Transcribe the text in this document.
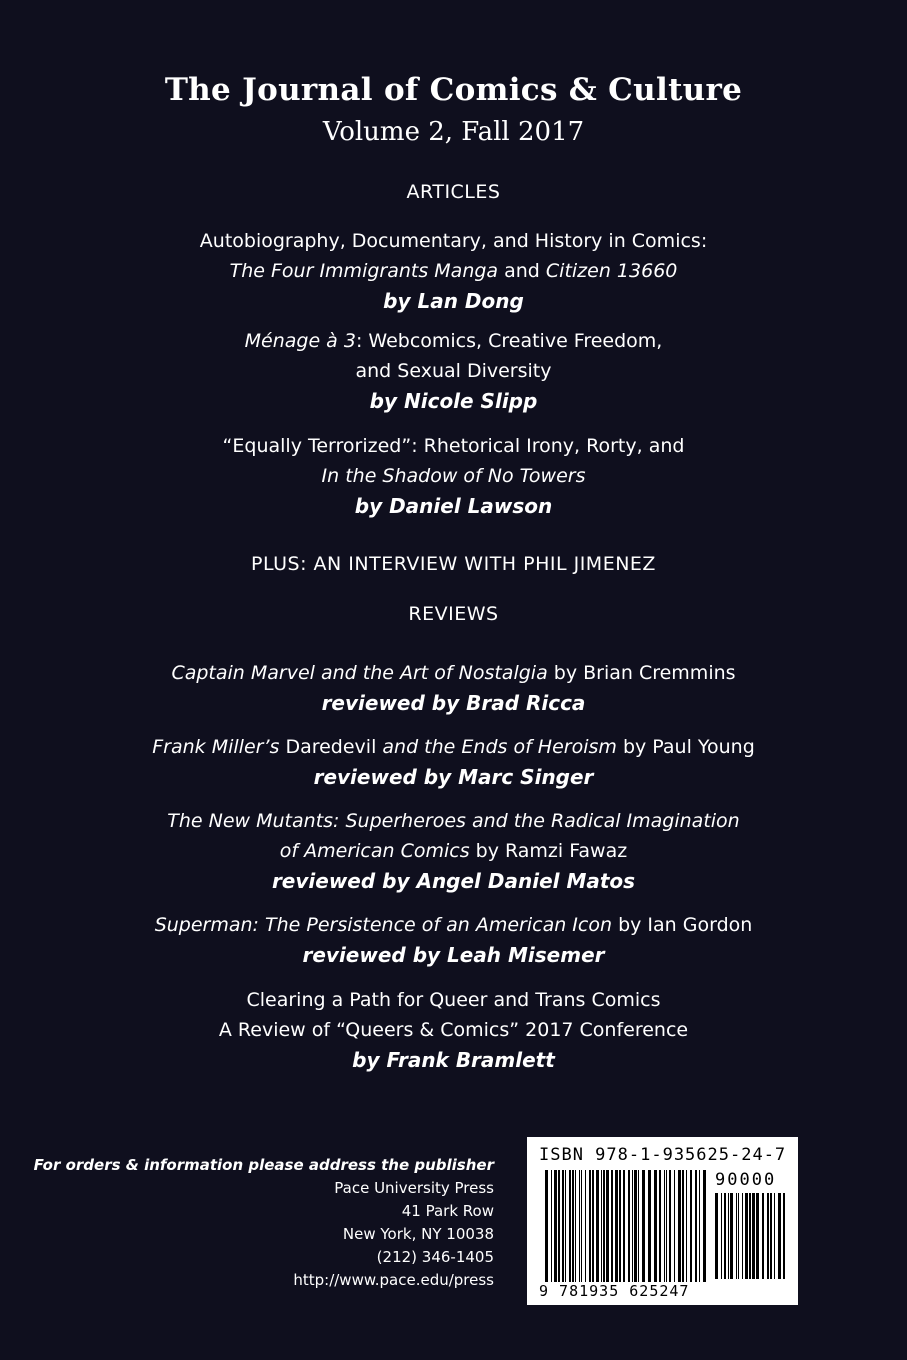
The Journal of Comics & Culture
Volume 2, Fall 2017
ARTICLES
Autobiography, Documentary, and History in Comics:
The Four Immigrants Manga and Citizen 13660
by Lan Dong
Ménage à 3: Webcomics, Creative Freedom,
and Sexual Diversity
by Nicole Slipp
“Equally Terrorized”: Rhetorical Irony, Rorty, and
In the Shadow of No Towers
by Daniel Lawson
PLUS: AN INTERVIEW WITH PHIL JIMENEZ
REVIEWS
Captain Marvel and the Art of Nostalgia by Brian Cremmins
reviewed by Brad Ricca
Frank Miller’s Daredevil and the Ends of Heroism by Paul Young
reviewed by Marc Singer
The New Mutants: Superheroes and the Radical Imagination
of American Comics by Ramzi Fawaz
reviewed by Angel Daniel Matos
Superman: The Persistence of an American Icon by Ian Gordon
reviewed by Leah Misemer
Clearing a Path for Queer and Trans Comics
A Review of “Queers & Comics” 2017 Conference
by Frank Bramlett
For orders & information please address the publisher
Pace University Press
41 Park Row
New York, NY 10038
(212) 346-1405
http://www.pace.edu/press
ISBN 978-1-935625-24-7
90000
9 781935 625247
